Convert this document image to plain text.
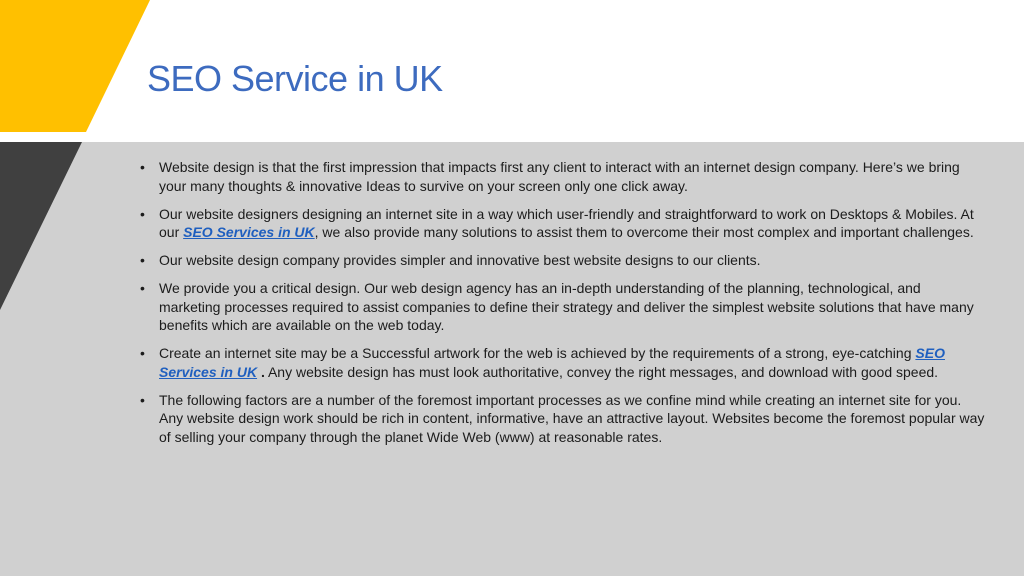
SEO Service in UK
• Website design is that the first impression that impacts first any client to interact with an internet design company. Here’s we bring your many thoughts & innovative Ideas to survive on your screen only one click away.
• Our website designers designing an internet site in a way which user-friendly and straightforward to work on Desktops & Mobiles. At our SEO Services in UK, we also provide many solutions to assist them to overcome their most complex and important challenges.
• Our website design company provides simpler and innovative best website designs to our clients.
• We provide you a critical design. Our web design agency has an in-depth understanding of the planning, technological, and marketing processes required to assist companies to define their strategy and deliver the simplest website solutions that have many benefits which are available on the web today.
• Create an internet site may be a Successful artwork for the web is achieved by the requirements of a strong, eye-catching SEO Services in UK . Any website design has must look authoritative, convey the right messages, and download with good speed.
• The following factors are a number of the foremost important processes as we confine mind while creating an internet site for you. Any website design work should be rich in content, informative, have an attractive layout. Websites become the foremost popular way of selling your company through the planet Wide Web (www) at reasonable rates.
